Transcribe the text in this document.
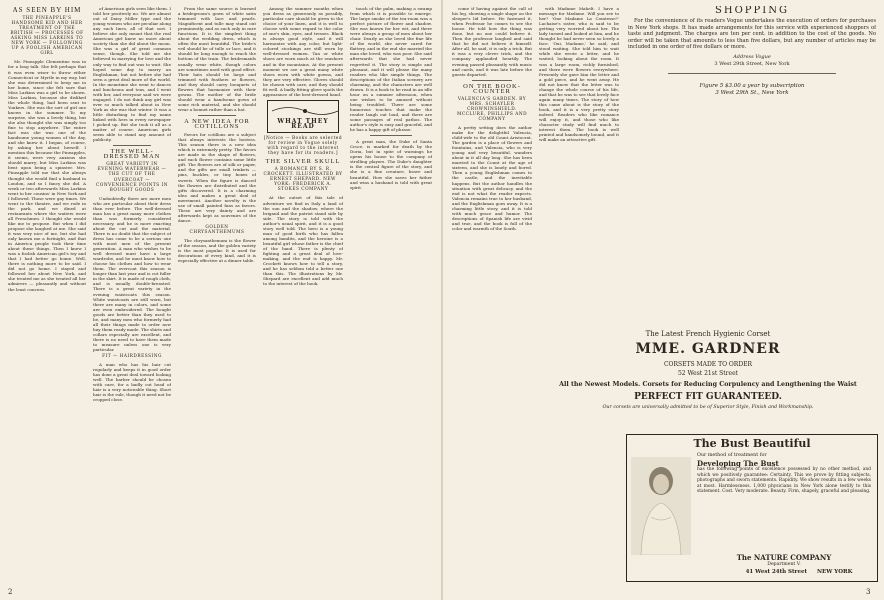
AS SEEN BY HIM
THE PINEAPPLE'S HANDSOME KID AND HER TREATMENT OF THE BRITISH — PROCESSES OF ASKING MISS LARKINS TO NEW YORK — FOLLOWING UP A FOOLISH AMERICAN GIRL

Mr. Pineapple Clementine was in for a long talk. She felt perhaps that it was even wiser to throw either Connecticut or Myrtle in my way, but she was determined to keep me in her home, since she felt sure that Miss Larkins was a girl to be shown. Miss Larkins, because she disliked the whole thing, had been sent to Yonkers. She was the sort of girl one knows in the summer. To my surprise, she was a lovely thing, but she also thought she was simply too fine to stop anywhere. The entire fact was she was one of the handsome young women of the day, and she knew it. I began, of course, by asking her about herself. I mention this because the Pineapples, it seems, were very anxious she should marry; but Miss Larkins was bent upon being a spinster. Mrs. Pineapple told me that she always thought she would find a husband in London, and so I fancy she did. A week or two afterwards Miss Larkins went to her cousins' in New York and I followed. Those were gay times. We went to the theatre, and we rode in the park, and we dined at restaurants where the waiters were all Frenchmen. I thought she would like me to propose. But when I did propose she laughed at me. She said it was very nice of me, but she had only known me a fortnight, and that in America people took their time about these things. Then I knew I was a foolish American girl's toy and that I had better go home. Well, there is nothing more to be said. I did not go home. I stayed and followed her about New York, and she treated me as she treated all her admirers — pleasantly and without the least concern.

of American girls seen like them. I told her positively no. We are almost out of Daisy Miller type and the young women who are peculiar along any such lines, all of that sort. I believe she only meant that the real American girl knew no more about society than she did about the moon. She was a girl of great common sense, though. She told me she believed in marrying for love and the only way to find out was to wait. She hoped some day to marry an Englishman, but not before she had seen a great deal more of the world. In the meantime she went to dances and luncheons and teas, and I went with her, and everyone said we were engaged. I do not think any girl was ever so much talked about in New York as she was that winter. It was a little disturbing to find my name linked with hers in every newspaper I picked up. But she took it all as a matter of course. American girls seem able to stand any amount of publicity.

THE WELL-DRESSED MAN
GREAT VARIETY IN EVENING WATERWEAR — THE CUT OF THE OVERCOAT — CONVENIENCE POINTS IN BOUGHT GOODS

Undoubtedly there are more men who are particular about their dress than ever before. The well-dressed man has a great many more clothes than was formerly considered necessary, and he is more exacting about the cut and the material. There is no doubt that the subject of dress has come to be a serious one with most men of the present generation. A man who wishes to be well dressed must have a large wardrobe, and he must know how to choose his clothes and how to wear them. The overcoat this season is longer than last year and is cut fuller in the skirt. It is made of rough cloth, and is usually double-breasted. There is a great variety in the evening waistcoats this season. White waistcoats are still worn, but there are many in colors, and some are even embroidered. The bought goods are better than they used to be, and many men who formerly had all their things made to order now buy them ready made. The shirts and collars especially are excellent, and there is no need to have them made to measure unless one is very particular.

FIT — HAIRDRESSING

A man who has his hair cut regularly and keeps it in good order has done a great deal toward looking well. The barber should be chosen with care, for a badly cut head of hair is a very noticeable thing. Short hair is the rule, though it need not be cropped close.

From the same source is learned a bridegroom's gown of white satin trimmed with lace and pearls. Magnificent and tulle may stand out prominently, and as such only in rare functions. It is the simplest thing about the wedding dress, which is often the most beautiful. The bride's veil should be of tulle or lace, and it should be long enough to reach the bottom of the train. The bridesmaids usually wear white, though colors are sometimes used with good effect. Their hats should be large and trimmed with feathers or flowers, and they should carry bouquets of flowers that harmonize with their gowns. The mother of the bride should wear a handsome gown of some rich material, and she should wear a bonnet rather than a hat.

A NEW IDEA FOR COTILLONS

Favors for cotillons are a subject that always interests the hostess. This season there is a new idea which is extremely pretty. The favors are made in the shape of flowers, and each flower contains some little gift. The flowers are of silk or paper, and the gifts are small trinkets — pins, buckles, or tiny boxes of sweets. When the figure is danced the flowers are distributed and the gifts discovered. It is a charming idea and makes a great deal of merriment. Another novelty is the use of small painted fans as favors. These are very dainty and are afterwards kept as souvenirs of the dance.

GOLDEN CHRYSANTHEMUMS

The chrysanthemum is the flower of the season, and the golden variety is the most popular. It is used for decorations of every kind, and it is especially effective at a dinner table.

Among the summer months when you dress as generously as possibly, particular care should be given to the choice of your linen, and it is well to choose with some regard to the color of one's skin, eyes, and tresses. Black is always good style, and it will harmonize with any color, but light-colored stockings are still worn by well-dressed women. Tan or white shoes are worn much at the seashore and in the mountains. At the present moment we see a great many white shoes worn with white gowns, and they are very effective. Gloves should be chosen with care, and they should fit well. A badly fitting glove spoils the appearance of the best-dressed hand.

WHAT THEY READ
[Notice — Books are selected for review in Vogue solely with regard to the interest they have for its readers.]
THE SILVER SKULL
A ROMANCE BY S. R. CROCKETT. ILLUSTRATED BY ERNEST SHEPARD. NEW YORK: FREDERICK A. STOKES COMPANY

At the outset of this tale of adventure we find in Italy a land of the sun and the shadow, where the brigand and the patriot stand side by side. The story is told with the author's usual spirit, and it is a good story well told. The hero is a young man of good birth who has fallen among bandits, and the heroine is a beautiful girl whose father is the chief of the band. There is plenty of fighting and a great deal of love-making, and the end is happy. Mr. Crockett knows how to tell a story, and he has seldom told a better one than this. The illustrations by Mr. Shepard are excellent and add much to the interest of the book.

touch of the palm, making a swamp from which it is possible to emerge. The large smoke of the tea-room was a perfect picture of flower and shadow. She was known for her wit, and there were always a group of men about her chair. Dearly as she loved the fine life of the world, she never cared for flattery, and in the end she married the man she loved, who was poor. She said afterwards that she had never regretted it. The story is simple and pleasant, and it will please the many readers who like simple things. The descriptions of the Italian scenery are charming, and the characters are well drawn. It is a book to be read in an idle hour on a summer afternoon, when one wishes to be amused without being troubled. There are some humorous touches that make the reader laugh out loud, and there are some passages of real pathos. The author's style is easy and graceful, and he has a happy gift of phrase.

A great man, the Duke of Santa Croce, is marked for death by the Doria, but in spite of warnings he opens his house to the company of strolling players. The Duke's daughter is the central figure of the story, and she is a fine creature, brave and beautiful. How she saves her father and wins a husband is told with great spirit.

2

come if having against the call of his leg, showing a single shape on the sleeper's lid before. He fastened it, when Professor he comes to see the house. He told how the thing was done, but no one could believe it. Then the professor laughed and said that he did not believe it himself. After all, he said, it is only a trick. But it was a very clever trick, and the company applauded heartily. The evening passed pleasantly with music and cards, and it was late before the guests departed.

ON THE BOOK-COUNTER
VALENCIA'S GARDEN. BY MRS. SCHAYLER CROWNINSHIELD. MCCLURE, PHILLIPS AND COMPANY

A pretty setting does the author make for the delightful Valencia, child-wife to the old Count Aristocrat. The garden is a place of flowers and fountains, and Valencia, who is very young and very beautiful, wanders about in it all day long. She has been married to the Count at the age of sixteen, and she is lonely and bored. Then a young Englishman comes to the castle, and the inevitable happens. But the author handles the situation with great delicacy, and the end is not what the reader expects. Valencia remains true to her husband, and the Englishman goes away. It is a charming little story, and it is told with much grace and humor. The descriptions of Spanish life are vivid and true, and the book is full of the color and warmth of the South.

with Madame Mahelt. I have a message for Madame. Will you see to her? 'One Madame La Comtesse?' Lachaise's sister, who is said to be getting very worried about her. The lady turned and looked at him, and he thought he had never seen so lovely a face. 'Oui, Madame,' he said, and stood waiting. She told him to wait while she wrote a letter, and he waited, looking about the room. It was a large room, richly furnished, and there were flowers everywhere. Presently she gave him the letter and a gold piece, and he went away. He did not know that the letter was to change the whole course of his life, and that he was to see that lovely face again many times. The story of how this came about is the story of the book, and it is a very pretty story indeed. Readers who like romance will enjoy it, and those who like character study will find much to interest them. The book is well printed and handsomely bound, and it will make an attractive gift.

SHOPPING

For the convenience of its readers Vogue undertakes the execution of orders for purchases in New York shops. It has made arrangements for this service with experienced shoppers of taste and judgment. The charges are ten per cent. in addition to the cost of the goods. No order will be taken that amounts to less than five dollars, but any number of articles may be included in one order of five dollars or more.

Address Vogue
3 West 29th Street, New York
Figure 5 $3.00 a year by subscription
3 West 29th St., New York
The Latest French Hygienic Corset
MME. GARDNER
CORSETS MADE TO ORDER
52 West 21st Street
All the Newest Models. Corsets for Reducing Corpulency and Lengthening the Waist
PERFECT FIT GUARANTEED.
Our corsets are universally admitted to be of Superior Style, Finish and Workmanship.
The Bust Beautiful
Our method of treatment for
Developing The Bust
has the following points of excellence possessed by no other method, and which we positively guarantee: Certainty. This we prove by fitting subjects, photographs and sworn statements. Rapidity. We show results in a few weeks at most. Harmlessness. 1,000 physicians in New York alone testify to this statement. Cost. Very moderate. Beauty. Firm, shapely, graceful and pleasing.
The NATURE COMPANY
Department V.
41 West 24th Street NEW YORK
3
